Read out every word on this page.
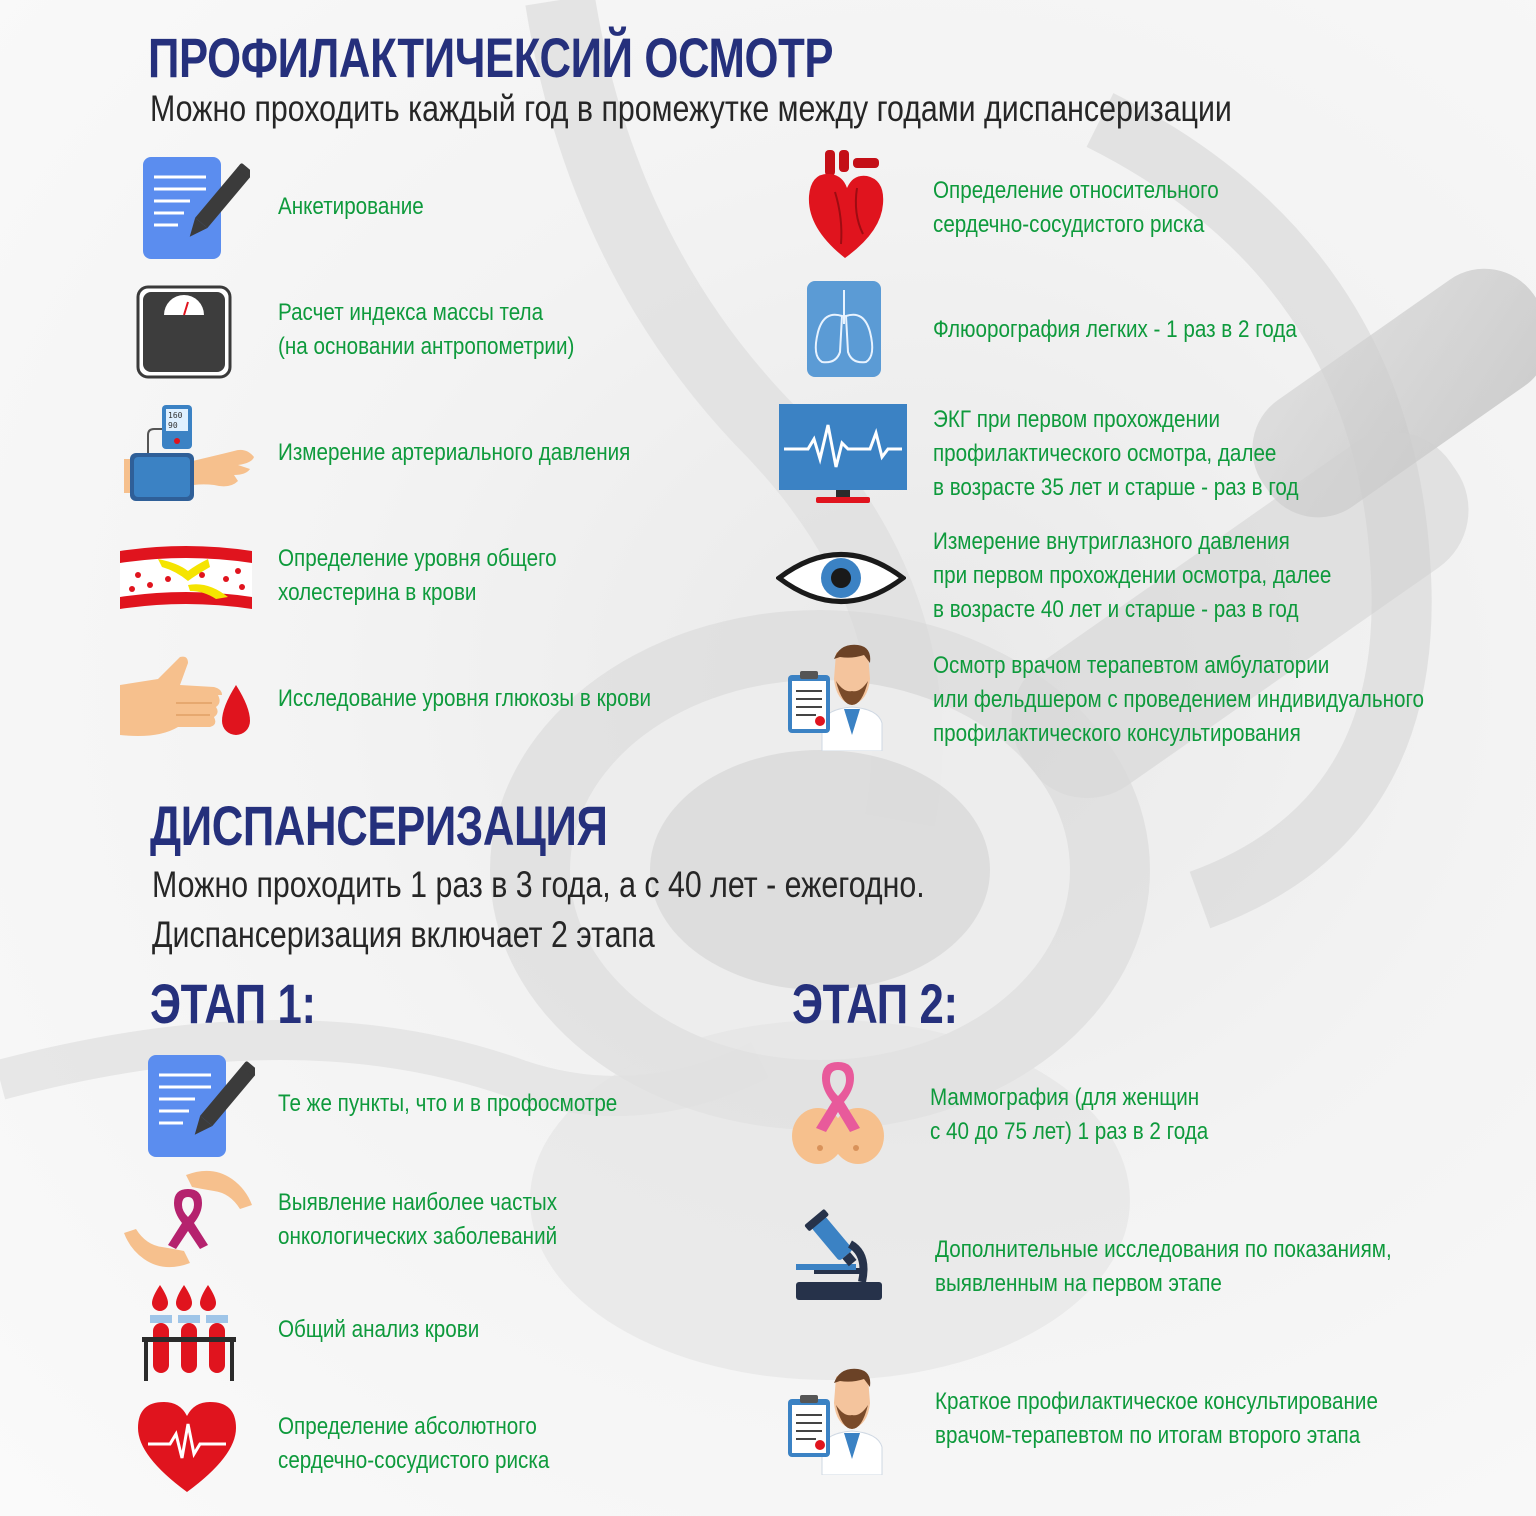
ПРОФИЛАКТИЧЕКСИЙ ОСМОТР
Можно проходить каждый год в промежутке между годами диспансеризации
Анкетирование
Расчет индекса массы тела
(на основании антропометрии)
Измерение артериального давления
Определение уровня общего
холестерина в крови
Исследование уровня глюкозы в крови
Определение относительного
сердечно-сосудистого риска
Флюорография легких - 1 раз в 2 года
ЭКГ при первом прохождении
профилактического осмотра, далее
в возрасте 35 лет и старше - раз в год
Измерение внутриглазного давления
при первом прохождении осмотра, далее
в возрасте 40 лет и старше - раз в год
Осмотр врачом терапевтом амбулатории
или фельдшером с проведением индивидуального
профилактического консультирования
ДИСПАНСЕРИЗАЦИЯ
Можно проходить 1 раз в 3 года, а с 40 лет - ежегодно.
Диспансеризация включает 2 этапа
ЭТАП 1:	ЭТАП 2:
Те же пункты, что и в профосмотре
Выявление наиболее частых
онкологических заболеваний
Общий анализ крови
Определение абсолютного
сердечно-сосудистого риска
Маммография (для женщин
с 40 до 75 лет) 1 раз в 2 года
Дополнительные исследования по показаниям,
выявленным на первом этапе
Краткое профилактическое консультирование
врачом-терапевтом по итогам второго этапа
160
90
